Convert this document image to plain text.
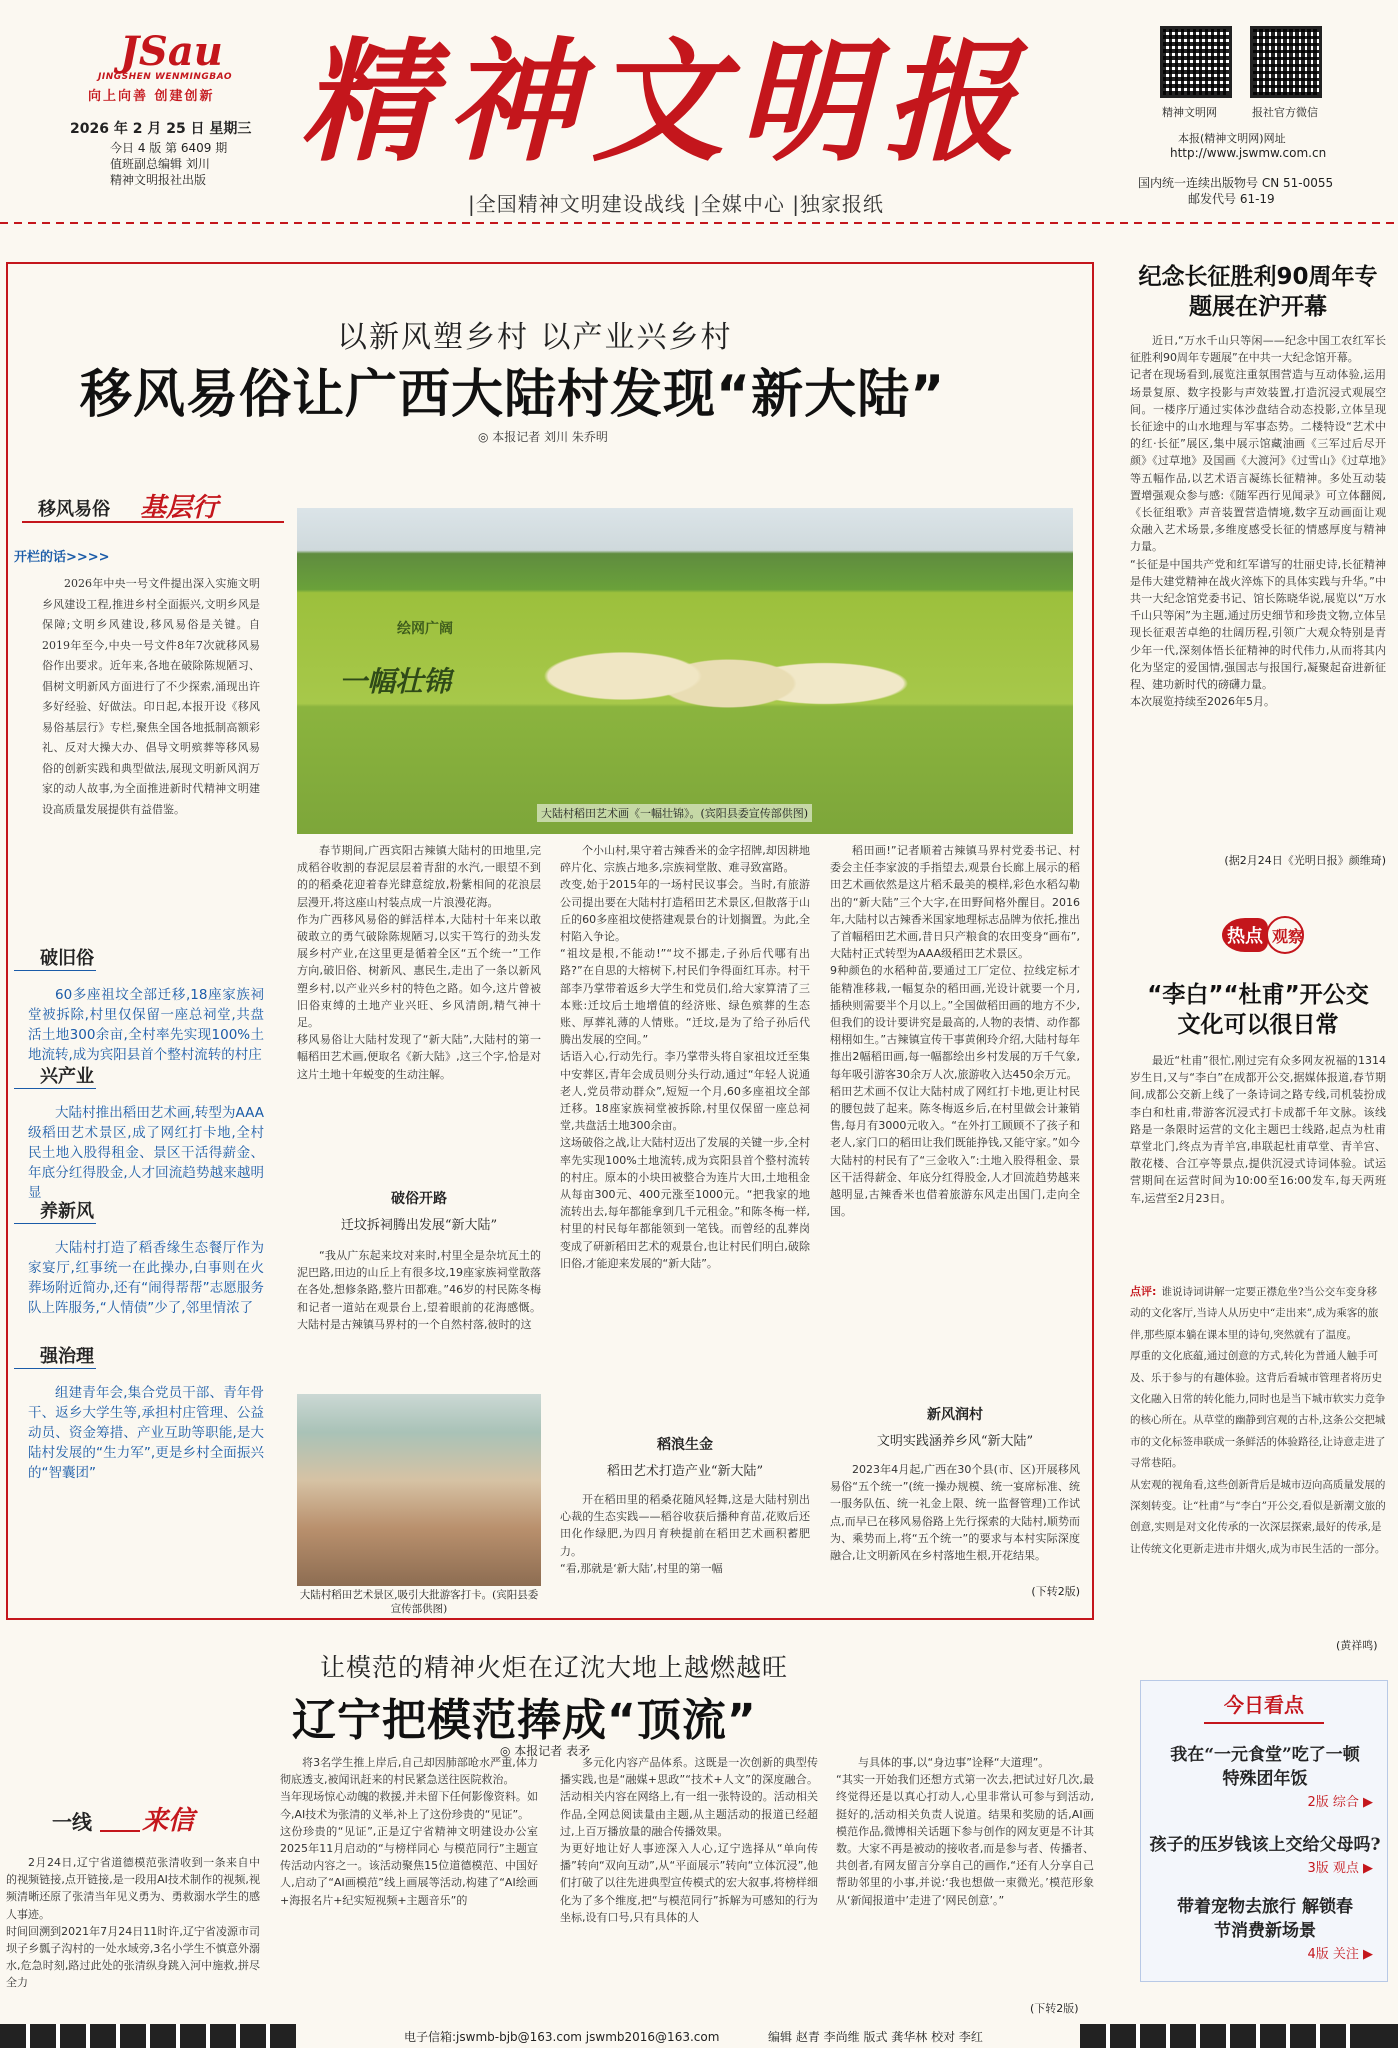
JSau
JINGSHEN WENMINGBAO
向上向善 创建创新
2026 年 2 月 25 日 星期三
今日 4 版 第 6409 期
值班副总编辑 刘川
精神文明报社出版 精神文明报
|全国精神文明建设战线 |全媒中心 |独家报纸
精神文明网	报社官方微信
本报(精神文明网)网址
http://www.jswmw.com.cn
国内统一连续出版物号 CN 51-0055
邮发代号 61-19
以新风塑乡村 以产业兴乡村
移风易俗让广西大陆村发现“新大陆”
◎ 本报记者 刘川 朱乔明
移风易俗 基层行
开栏的话>>>>
2026年中央一号文件提出深入实施文明乡风建设工程,推进乡村全面振兴,文明乡风是保障;文明乡风建设,移风易俗是关键。自2019年至今,中央一号文件8年7次就移风易俗作出要求。近年来,各地在破除陈规陋习、倡树文明新风方面进行了不少探索,涌现出许多好经验、好做法。印日起,本报开设《移风易俗基层行》专栏,聚焦全国各地抵制高额彩礼、反对大操大办、倡导文明殡葬等移风易俗的创新实践和典型做法,展现文明新风润万家的动人故事,为全面推进新时代精神文明建设高质量发展提供有益借鉴。
破旧俗
60多座祖坟全部迁移,18座家族祠堂被拆除,村里仅保留一座总祠堂,共盘活土地300余亩,全村率先实现100%土地流转,成为宾阳县首个整村流转的村庄
兴产业
大陆村推出稻田艺术画,转型为AAA级稻田艺术景区,成了网红打卡地,全村民土地入股得租金、景区干活得薪金、年底分红得股金,人才回流趋势越来越明显
养新风
大陆村打造了稻香缘生态餐厅作为家宴厅,红事统一在此操办,白事则在火葬场附近简办,还有“闹得帮帮”志愿服务队上阵服务,“人情债”少了,邻里情浓了
强治理
组建青年会,集合党员干部、青年骨干、返乡大学生等,承担村庄管理、公益动员、资金筹措、产业互助等职能,是大陆村发展的“生力军”,更是乡村全面振兴的“智囊团”
绘网广阔
一幅壮锦
大陆村稻田艺术画《一幅壮锦》。(宾阳县委宣传部供图)
春节期间,广西宾阳古辣镇大陆村的田地里,完成稻谷收割的春泥层层着青甜的水汽,一眼望不到的的稻桑花迎着春光肆意绽放,粉紫相间的花浪层层漫开,将这座山村装点成一片浪漫花海。
作为广西移风易俗的鲜活样本,大陆村十年来以敢破敢立的勇气破除陈规陋习,以实干笃行的劲头发展乡村产业,在这里更是循着全区“五个统一”工作方向,破旧俗、树新风、惠民生,走出了一条以新风塑乡村,以产业兴乡村的特色之路。如今,这片曾被旧俗束缚的土地产业兴旺、乡风清朗,精气神十足。
移风易俗让大陆村发现了“新大陆”,大陆村的第一幅稻田艺术画,便取名《新大陆》,这三个字,恰是对这片土地十年蜕变的生动注解。
破俗开路
迁坟拆祠腾出发展“新大陆”
“我从广东起来坟对来时,村里全是杂坑瓦土的泥巴路,田边的山丘上有很多坟,19座家族祠堂散落在各处,想修条路,整片田都难。”46岁的村民陈冬梅和记者一道站在观景台上,望着眼前的花海感慨。大陆村是古辣镇马界村的一个自然村落,彼时的这
大陆村稻田艺术景区,吸引大批游客打卡。(宾阳县委宣传部供图)
个小山村,果守着古辣香米的金字招牌,却因耕地碎片化、宗族占地多,宗族祠堂散、难寻致富路。
改变,始于2015年的一场村民议事会。当时,有旅游公司提出要在大陆村打造稻田艺术景区,但散落于山丘的60多座祖坟使搭建观景台的计划搁置。为此,全村陷入争论。
“祖坟是根,不能动!”“坟不挪走,子孙后代哪有出路?”在自思的大榕树下,村民们争得面红耳赤。村干部李乃掌带着返乡大学生和党员们,给大家算清了三本账:迁坟后土地增值的经济账、绿色殡葬的生态账、厚葬礼薄的人情账。“迁坟,是为了给子孙后代腾出发展的空间。”
话语入心,行动先行。李乃掌带头将自家祖坟迁至集中安葬区,青年会成员则分头行动,通过“年轻人说通老人,党员带动群众”,短短一个月,60多座祖坟全部迁移。18座家族祠堂被拆除,村里仅保留一座总祠堂,共盘活土地300余亩。
这场破俗之战,让大陆村迈出了发展的关键一步,全村率先实现100%土地流转,成为宾阳县首个整村流转的村庄。原本的小块田被整合为连片大田,土地租金从每亩300元、400元涨至1000元。“把我家的地流转出去,每年都能拿到几千元租金。”和陈冬梅一样,村里的村民每年都能领到一笔钱。而曾经的乱葬岗变成了研新稻田艺术的观景台,也让村民们明白,破除旧俗,才能迎来发展的“新大陆”。
稻浪生金
稻田艺术打造产业“新大陆”
开在稻田里的稻桑花随风轻舞,这是大陆村别出心裁的生态实践——稻谷收获后播种育苗,花败后还田化作绿肥,为四月育秧提前在稻田艺术画积蓄肥力。
“看,那就是‘新大陆’,村里的第一幅
稻田画!”记者顺着古辣镇马界村党委书记、村委会主任李家波的手指望去,观景台长廊上展示的稻田艺术画依然是这片稻禾最美的模样,彩色水稻勾勒出的“新大陆”三个大字,在田野间格外醒目。2016年,大陆村以古辣香米国家地理标志品牌为依托,推出了首幅稻田艺术画,昔日只产粮食的农田变身“画布”,大陆村正式转型为AAA级稻田艺术景区。
9种颜色的水稻种苗,要通过工厂定位、拉线定标才能精准移栽,一幅复杂的稻田画,光设计就要一个月,插秧则需要半个月以上。”全国做稻田画的地方不少,但我们的设计要讲究是最高的,人物的表情、动作都栩栩如生。”古辣镇宣传干事黄俐玲介绍,大陆村每年推出2幅稻田画,每一幅都绘出乡村发展的万千气象,每年吸引游客30余万人次,旅游收入达450余万元。
稻田艺术画不仅让大陆村成了网红打卡地,更让村民的腰包鼓了起来。陈冬梅返乡后,在村里做会计兼销售,每月有3000元收入。“在外打工顾顾不了孩子和老人,家门口的稻田让我们既能挣钱,又能守家。”如今大陆村的村民有了“三金收入”:土地入股得租金、景区干活得薪金、年底分红得股金,人才回流趋势越来越明显,古辣香米也借着旅游东风走出国门,走向全国。
新风润村
文明实践涵养乡风“新大陆”
2023年4月起,广西在30个县(市、区)开展移风易俗“五个统一”(统一操办规模、统一宴席标准、统一服务队伍、统一礼金上限、统一监督管理)工作试点,而早已在移风易俗路上先行探索的大陆村,顺势而为、乘势而上,将“五个统一”的要求与本村实际深度融合,让文明新风在乡村落地生根,开花结果。
(下转2版)
纪念长征胜利90周年专题展在沪开幕
近日,“万水千山只等闲——纪念中国工农红军长征胜利90周年专题展”在中共一大纪念馆开幕。
记者在现场看到,展览注重氛围营造与互动体验,运用场景复原、数字投影与声效装置,打造沉浸式观展空间。一楼序厅通过实体沙盘结合动态投影,立体呈现长征途中的山水地理与军事态势。二楼特设“艺术中的红·长征”展区,集中展示馆藏油画《三军过后尽开颜》《过草地》及国画《大渡河》《过雪山》《过草地》等五幅作品,以艺术语言凝练长征精神。多处互动装置增强观众参与感:《随军西行见闻录》可立体翻阅,《长征组歌》声音装置营造情境,数字互动画面让观众融入艺术场景,多维度感受长征的情感厚度与精神力量。
“长征是中国共产党和红军谱写的壮丽史诗,长征精神是伟大建党精神在战火淬炼下的具体实践与升华。”中共一大纪念馆党委书记、馆长陈晓华说,展览以“万水千山只等闲”为主题,通过历史细节和珍贵文物,立体呈现长征艰苦卓绝的壮阔历程,引领广大观众特别是青少年一代,深刻体悟长征精神的时代伟力,从而将其内化为坚定的爱国情,强国志与报国行,凝聚起奋进新征程、建功新时代的磅礴力量。
本次展览持续至2026年5月。
(据2月24日《光明日报》颜维琦)
热点 观察
“李白”“杜甫”开公交 文化可以很日常
最近“杜甫”很忙,刚过完有众多网友祝福的1314岁生日,又与“李白”在成都开公交,据媒体报道,春节期间,成都公交新上线了一条诗词之路专线,司机装扮成李白和杜甫,带游客沉浸式打卡成都千年文脉。该线路是一条限时运营的文化主题巴士线路,起点为杜甫草堂北门,终点为青羊宫,串联起杜甫草堂、青羊宫、散花楼、合江亭等景点,提供沉浸式诗词体验。试运营期间在运营时间为10:00至16:00发车,每天两班车,运营至2月23日。
点评: 谁说诗词讲解一定要正襟危坐?当公交车变身移动的文化客厅,当诗人从历史中“走出来”,成为乘客的旅伴,那些原本躺在课本里的诗句,突然就有了温度。
厚重的文化底蕴,通过创意的方式,转化为普通人触手可及、乐于参与的有趣体验。这背后看城市管理者将历史文化融入日常的转化能力,同时也是当下城市软实力竞争的核心所在。从草堂的幽静到宫观的古朴,这条公交把城市的文化标签串联成一条鲜活的体验路径,让诗意走进了寻常巷陌。
从宏观的视角看,这些创新背后是城市迈向高质量发展的深刻转变。让“杜甫”与“李白”开公交,看似是新潮文旅的创意,实则是对文化传承的一次深层探索,最好的传承,是让传统文化更新走进市井烟火,成为市民生活的一部分。
(黄祥鸣)
今日看点
我在“一元食堂”吃了一顿特殊团年饭
2版 综合 ▶
孩子的压岁钱该上交给父母吗?
3版 观点 ▶
带着宠物去旅行 解锁春节消费新场景
4版 关注 ▶
让模范的精神火炬在辽沈大地上越燃越旺
辽宁把模范捧成“顶流”
◎ 本报记者 表矛
一线 来信
2月24日,辽宁省道德模范张清收到一条来自中的视频链接,点开链接,是一段用AI技术制作的视频,视频清晰还原了张清当年见义勇为、勇救溺水学生的感人事迹。
时间回溯到2021年7月24日11时许,辽宁省凌源市司坝子乡瓢子沟村的一处水域旁,3名小学生不慎意外溺水,危急时刻,路过此处的张清纵身跳入河中施救,拼尽全力
将3名学生推上岸后,自己却因肺部呛水严重,体力彻底透支,被闻讯赶来的村民紧急送往医院救治。
当年现场惊心动魄的救援,并未留下任何影像资料。如今,AI技术为张清的义举,补上了这份珍贵的“见证”。
这份珍贵的“见证”,正是辽宁省精神文明建设办公室2025年11月启动的“与榜样同心 与模范同行”主题宣传活动内容之一。该活动聚焦15位道德模范、中国好人,启动了“AI画模范”线上画展等活动,构建了“AI绘画+海报名片+纪实短视频+主题音乐”的
多元化内容产品体系。这既是一次创新的典型传播实践,也是“融媒+思政”“技术+人文”的深度融合。活动相关内容在网络上,有一组一张特设的。活动相关作品,全网总阅读量由主题,从主题活动的报道已经超过,上百万播放量的融合传播效果。
为更好地让好人事迹深入人心,辽宁选择从“单向传播”转向“双向互动”,从“平面展示”转向“立体沉浸”,他们打破了以往先进典型宣传模式的宏大叙事,将榜样细化为了多个维度,把“与模范同行”拆解为可感知的行为坐标,设有口号,只有具体的人
与具体的事,以“身边事”诠释“大道理”。
“其实一开始我们还想方式第一次去,把试过好几次,最终觉得还是以真心打动人,心里非常认可参与到活动,挺好的,活动相关负责人说道。结果和奖励的话,AI画模范作品,微博相关话题下参与创作的网友更是不计其数。大家不再是被动的接收者,而是参与者、传播者、共创者,有网友留言分享自己的画作,“还有人分享自己帮助邻里的小事,并说:‘我也想做一束微光。’模范形象从‘新闻报道中’走进了‘网民创意’。”
(下转2版)
电子信箱:jswmb-bjb@163.com jswmb2016@163.com	编辑 赵青 李尚维 版式 龚华林 校对 李红
